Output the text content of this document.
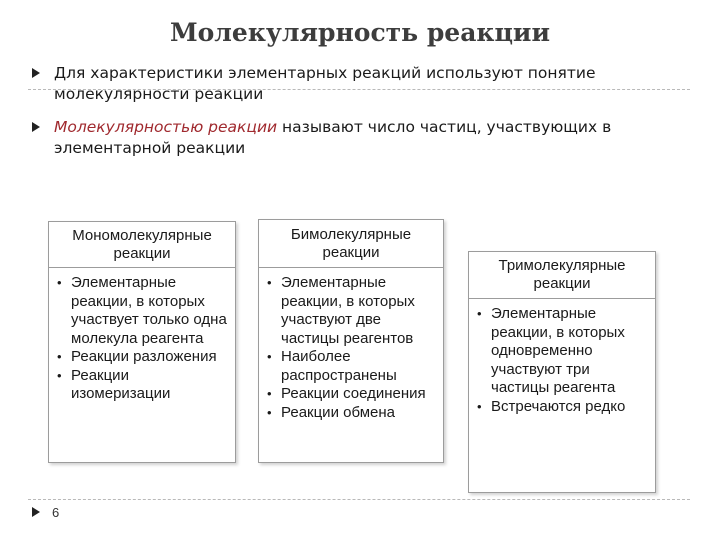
Молекулярность реакции
Для характеристики элементарных реакций используют понятие молекулярности реакции
Молекулярностью реакции называют число частиц, участвующих в элементарной реакции
Мономолекулярные реакции
• Элементарные реакции, в которых участвует только одна молекула реагента
• Реакции разложения
• Реакции изомеризации
Бимолекулярные реакции
• Элементарные реакции, в которых участвуют две частицы реагентов
• Наиболее распространены
• Реакции соединения
• Реакции обмена
Тримолекулярные реакции
• Элементарные реакции, в которых одновременно участвуют три частицы реагента
• Встречаются редко
6
